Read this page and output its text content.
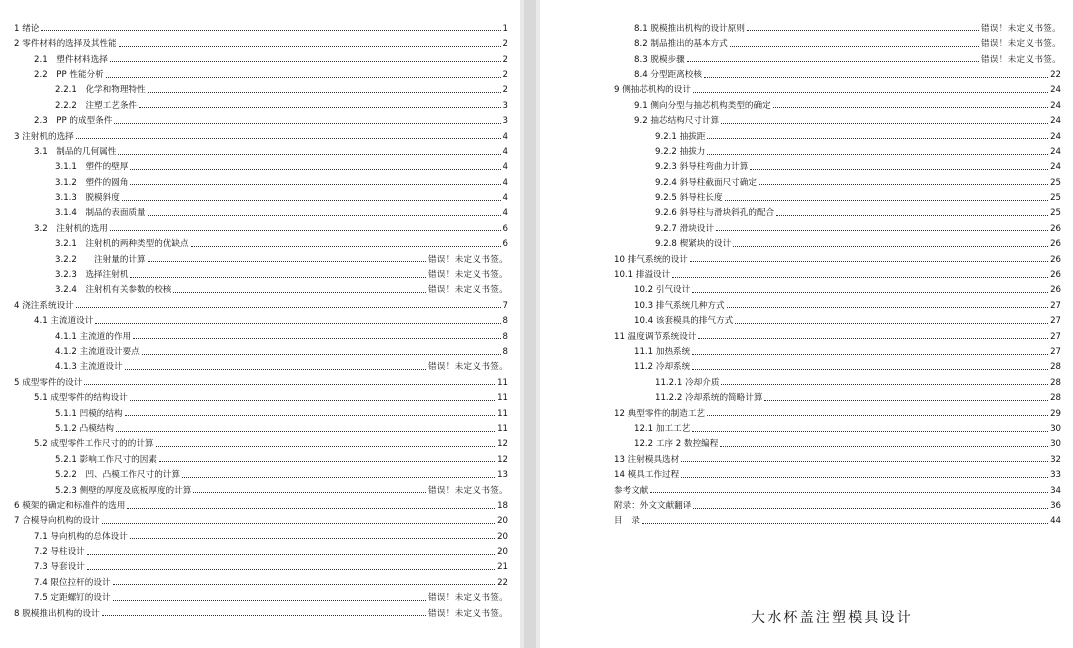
1 绪论	1
2 零件材料的选择及其性能	2
2.1　塑件材料选择	2
2.2　PP 性能分析	2
2.2.1　化学和物理特性	2
2.2.2　注塑工艺条件	3
2.3　PP 的成型条件	3
3 注射机的选择	4
3.1　制品的几何属性	4
3.1.1　塑件的壁厚	4
3.1.2　塑件的圆角	4
3.1.3　脱模斜度	4
3.1.4　制品的表面质量	4
3.2　注射机的选用	6
3.2.1　注射机的两种类型的优缺点	6
3.2.2　　注射量的计算	错误！未定义书签。
3.2.3　选择注射机	错误！未定义书签。
3.2.4　注射机有关参数的校核	错误！未定义书签。
4 浇注系统设计	7
4.1 主流道设计	8
4.1.1 主流道的作用	8
4.1.2 主流道设计要点	8
4.1.3 主流道设计	错误！未定义书签。
5 成型零件的设计	11
5.1 成型零件的结构设计	11
5.1.1 凹模的结构	11
5.1.2 凸模结构	11
5.2 成型零件工作尺寸的的计算	12
5.2.1 影响工作尺寸的因素	12
5.2.2　凹、凸模工作尺寸的计算	13
5.2.3 侧壁的厚度及底板厚度的计算	错误！未定义书签。
6 模架的确定和标准件的选用	18
7 合模导向机构的设计	20
7.1 导向机构的总体设计	20
7.2 导柱设计	20
7.3 导套设计	21
7.4 限位拉杆的设计	22
7.5 定距螺钉的设计	错误！未定义书签。
8 脱模推出机构的设计	错误！未定义书签。
8.1 脱模推出机构的设计原则	错误！未定义书签。
8.2 制品推出的基本方式	错误！未定义书签。
8.3 脱模步骤	错误！未定义书签。
8.4 分型距离校核	22
9 侧抽芯机构的设计	24
9.1 侧向分型与抽芯机构类型的确定	24
9.2 抽芯结构尺寸计算	24
9.2.1 抽拔距	24
9.2.2 抽拔力	24
9.2.3 斜导柱弯曲力计算	24
9.2.4 斜导柱截面尺寸确定	25
9.2.5 斜导柱长度	25
9.2.6 斜导柱与滑块斜孔的配合	25
9.2.7 滑块设计	26
9.2.8 楔紧块的设计	26
10 排气系统的设计	26
10.1 排溢设计	26
10.2 引气设计	26
10.3 排气系统几种方式	27
10.4 该套模具的排气方式	27
11 温度调节系统设计	27
11.1 加热系统	27
11.2 冷却系统	28
11.2.1 冷却介质	28
11.2.2 冷却系统的简略计算	28
12 典型零件的制造工艺	29
12.1 加工工艺	30
12.2 工序 2 数控编程	30
13 注射模具选材	32
14 模具工作过程	33
参考文献	34
附录：外文文献翻译	36
目　录	44
大水杯盖注塑模具设计
